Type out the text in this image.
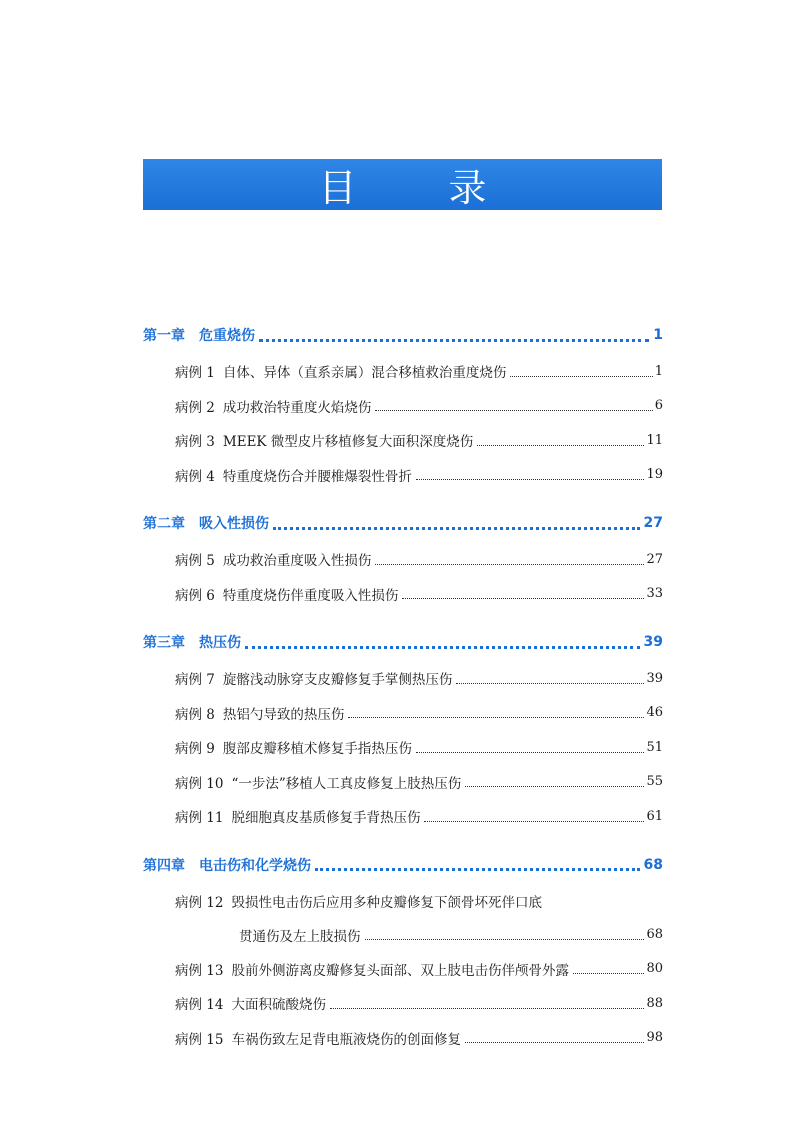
目 录
第一章 危重烧伤	1
病例 1 自体、异体（直系亲属）混合移植救治重度烧伤	1
病例 2 成功救治特重度火焰烧伤	6
病例 3 MEEK 微型皮片移植修复大面积深度烧伤	11
病例 4 特重度烧伤合并腰椎爆裂性骨折	19
第二章 吸入性损伤	27
病例 5 成功救治重度吸入性损伤	27
病例 6 特重度烧伤伴重度吸入性损伤	33
第三章 热压伤	39
病例 7 旋髂浅动脉穿支皮瓣修复手掌侧热压伤	39
病例 8 热铝勺导致的热压伤	46
病例 9 腹部皮瓣移植术修复手指热压伤	51
病例 10 “一步法”移植人工真皮修复上肢热压伤	55
病例 11 脱细胞真皮基质修复手背热压伤	61
第四章 电击伤和化学烧伤	68
病例 12 毁损性电击伤后应用多种皮瓣修复下颌骨坏死伴口底
贯通伤及左上肢损伤	68
病例 13 股前外侧游离皮瓣修复头面部、双上肢电击伤伴颅骨外露	80
病例 14 大面积硫酸烧伤	88
病例 15 车祸伤致左足背电瓶液烧伤的创面修复	98
